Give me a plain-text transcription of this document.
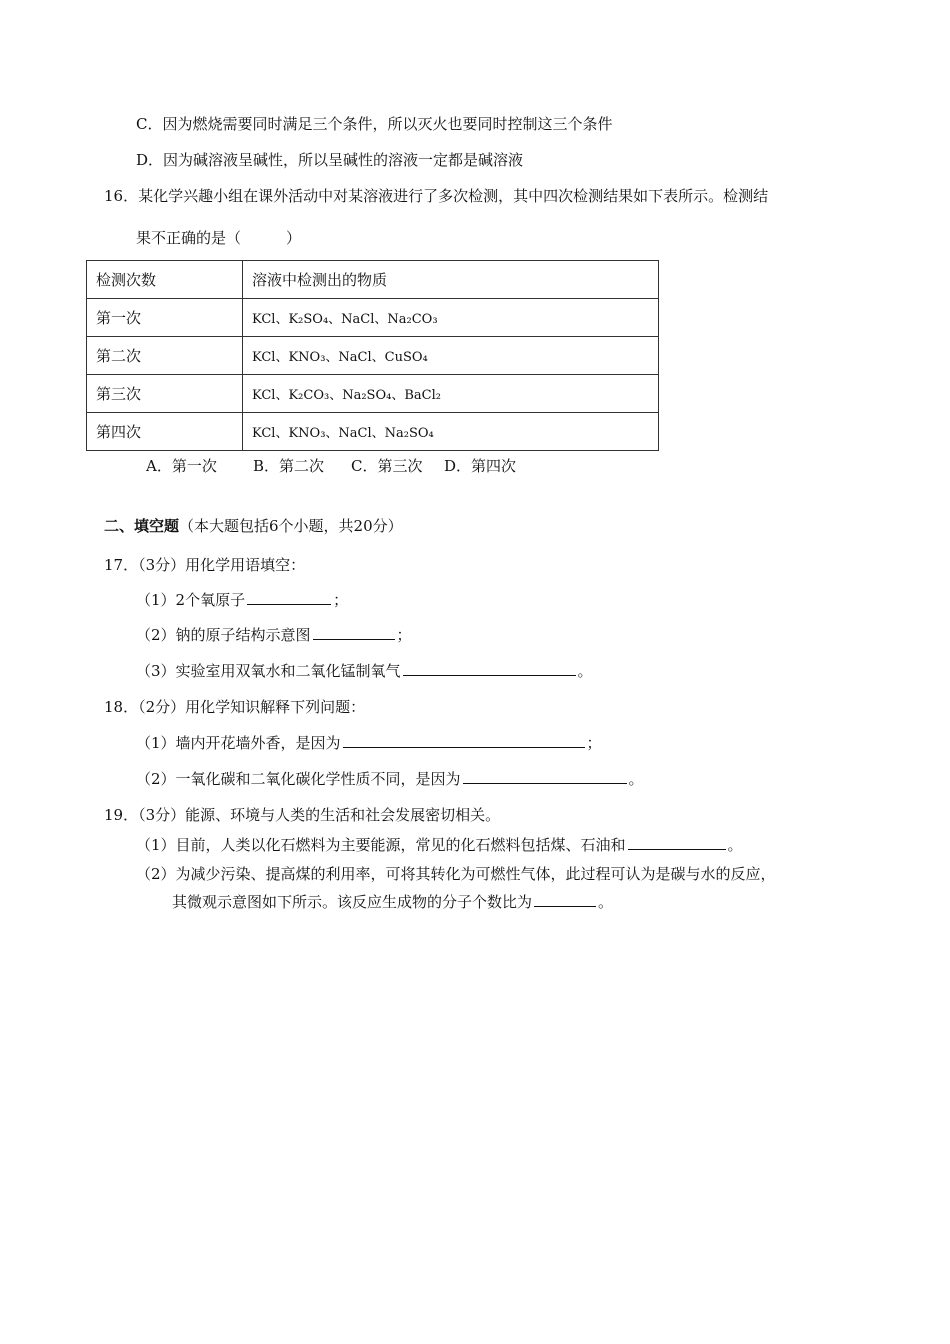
C．因为燃烧需要同时满足三个条件，所以灭火也要同时控制这三个条件
D．因为碱溶液呈碱性，所以呈碱性的溶液一定都是碱溶液
16．某化学兴趣小组在课外活动中对某溶液进行了多次检测，其中四次检测结果如下表所示。检测结
果不正确的是（　　　）
检测次数	溶液中检测出的物质
第一次	KCl、K₂SO₄、NaCl、Na₂CO₃
第二次	KCl、KNO₃、NaCl、CuSO₄
第三次	KCl、K₂CO₃、Na₂SO₄、BaCl₂
第四次	KCl、KNO₃、NaCl、Na₂SO₄
A．第一次 B．第二次 C．第三次 D．第四次
二、填空题（本大题包括6个小题，共20分）
17．（3分）用化学用语填空：
（1）2个氧原子	；
（2）钠的原子结构示意图	；
（3）实验室用双氧水和二氧化锰制氧气	。
18．（2分）用化学知识解释下列问题：
（1）墙内开花墙外香，是因为	；
（2）一氧化碳和二氧化碳化学性质不同，是因为	。
19．（3分）能源、环境与人类的生活和社会发展密切相关。
（1）目前，人类以化石燃料为主要能源，常见的化石燃料包括煤、石油和	。
（2）为减少污染、提高煤的利用率，可将其转化为可燃性气体，此过程可认为是碳与水的反应，
其微观示意图如下所示。该反应生成物的分子个数比为	。
